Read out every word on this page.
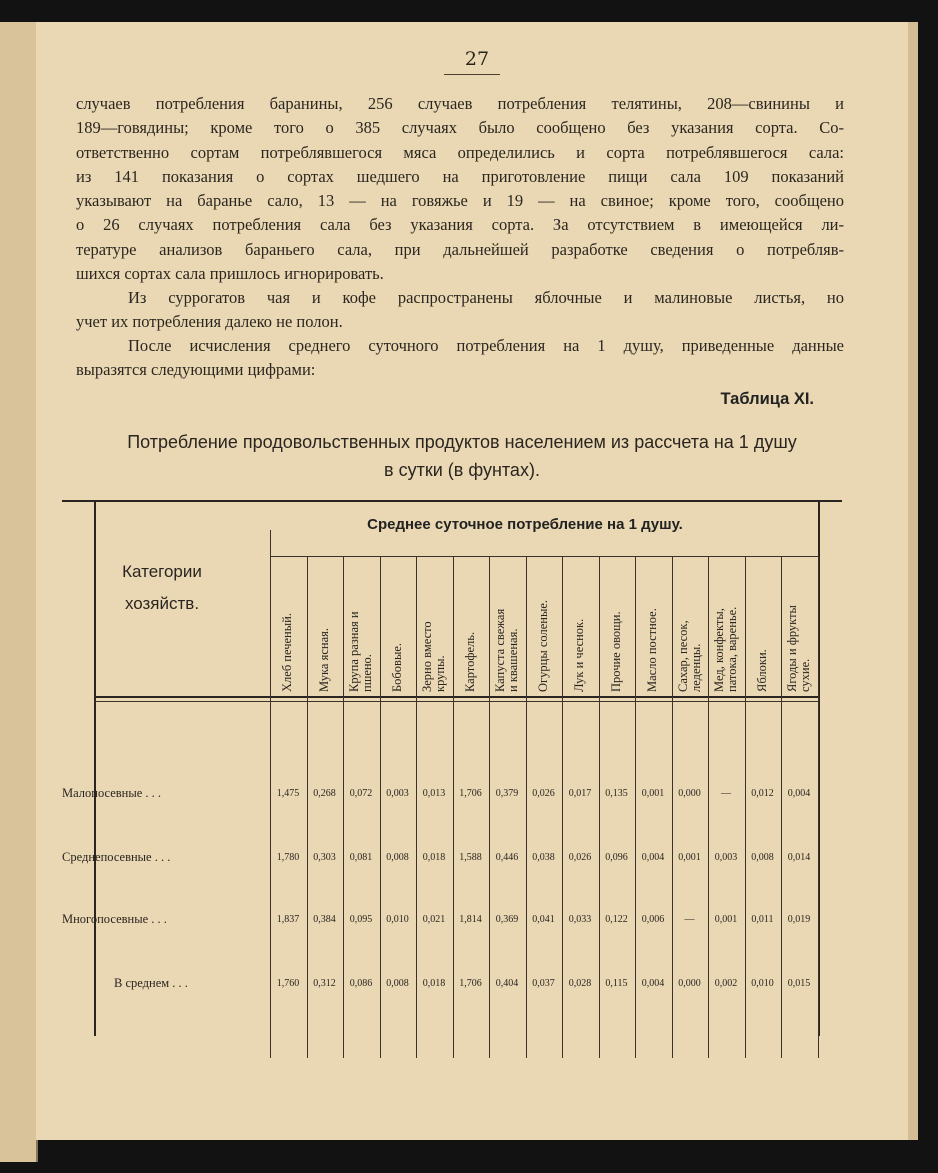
27
случаев потребления баранины, 256 случаев потребления телятины, 208—свинины и
189—говядины; кроме того о 385 случаях было сообщено без указания сорта. Со-
ответственно сортам потреблявшегося мяса определились и сорта потреблявшегося сала:
из 141 показания о сортах шедшего на приготовление пищи сала 109 показаний
указывают на баранье сало, 13 — на говяжье и 19 — на свиное; кроме того, сообщено
о 26 случаях потребления сала без указания сорта. За отсутствием в имеющейся ли-
тературе анализов бараньего сала, при дальнейшей разработке сведения о потребляв-
шихся сортах сала пришлось игнорировать.
Из суррогатов чая и кофе распространены яблочные и малиновые листья, но
учет их потребления далеко не полон.
После исчисления среднего суточного потребления на 1 душу, приведенные данные
выразятся следующими цифрами:
Таблица XI.
Потребление продовольственных продуктов населением из рассчета на 1 душу
в сутки (в фунтах).
Среднее суточное потребление на 1 душу.
Категории
хозяйств.
Хлеб печеный. Мука ясная. Крупа разная и пшено. Бобовые. Зерно вместо крупы. Картофель. Капуста свежая и квашеная. Огурцы соленые. Лук и чеснок. Прочие овощи. Масло постное. Сахар, песок, леденцы. Мед, конфекты, патока, варенье. Яблоки. Ягоды и фрукты сухие.
Малопосевные . . .	1,475	0,268	0,072	0,003	0,013	1,706	0,379	0,026	0,017	0,135	0,001	0,000	—	0,012	0,004
Среднепосевные . . .	1,780	0,303	0,081	0,008	0,018	1,588	0,446	0,038	0,026	0,096	0,004	0,001	0,003	0,008	0,014
Многопосевные . . .	1,837	0,384	0,095	0,010	0,021	1,814	0,369	0,041	0,033	0,122	0,006	—	0,001	0,011	0,019
В среднем . . .	1,760	0,312	0,086	0,008	0,018	1,706	0,404	0,037	0,028	0,115	0,004	0,000	0,002	0,010	0,015
